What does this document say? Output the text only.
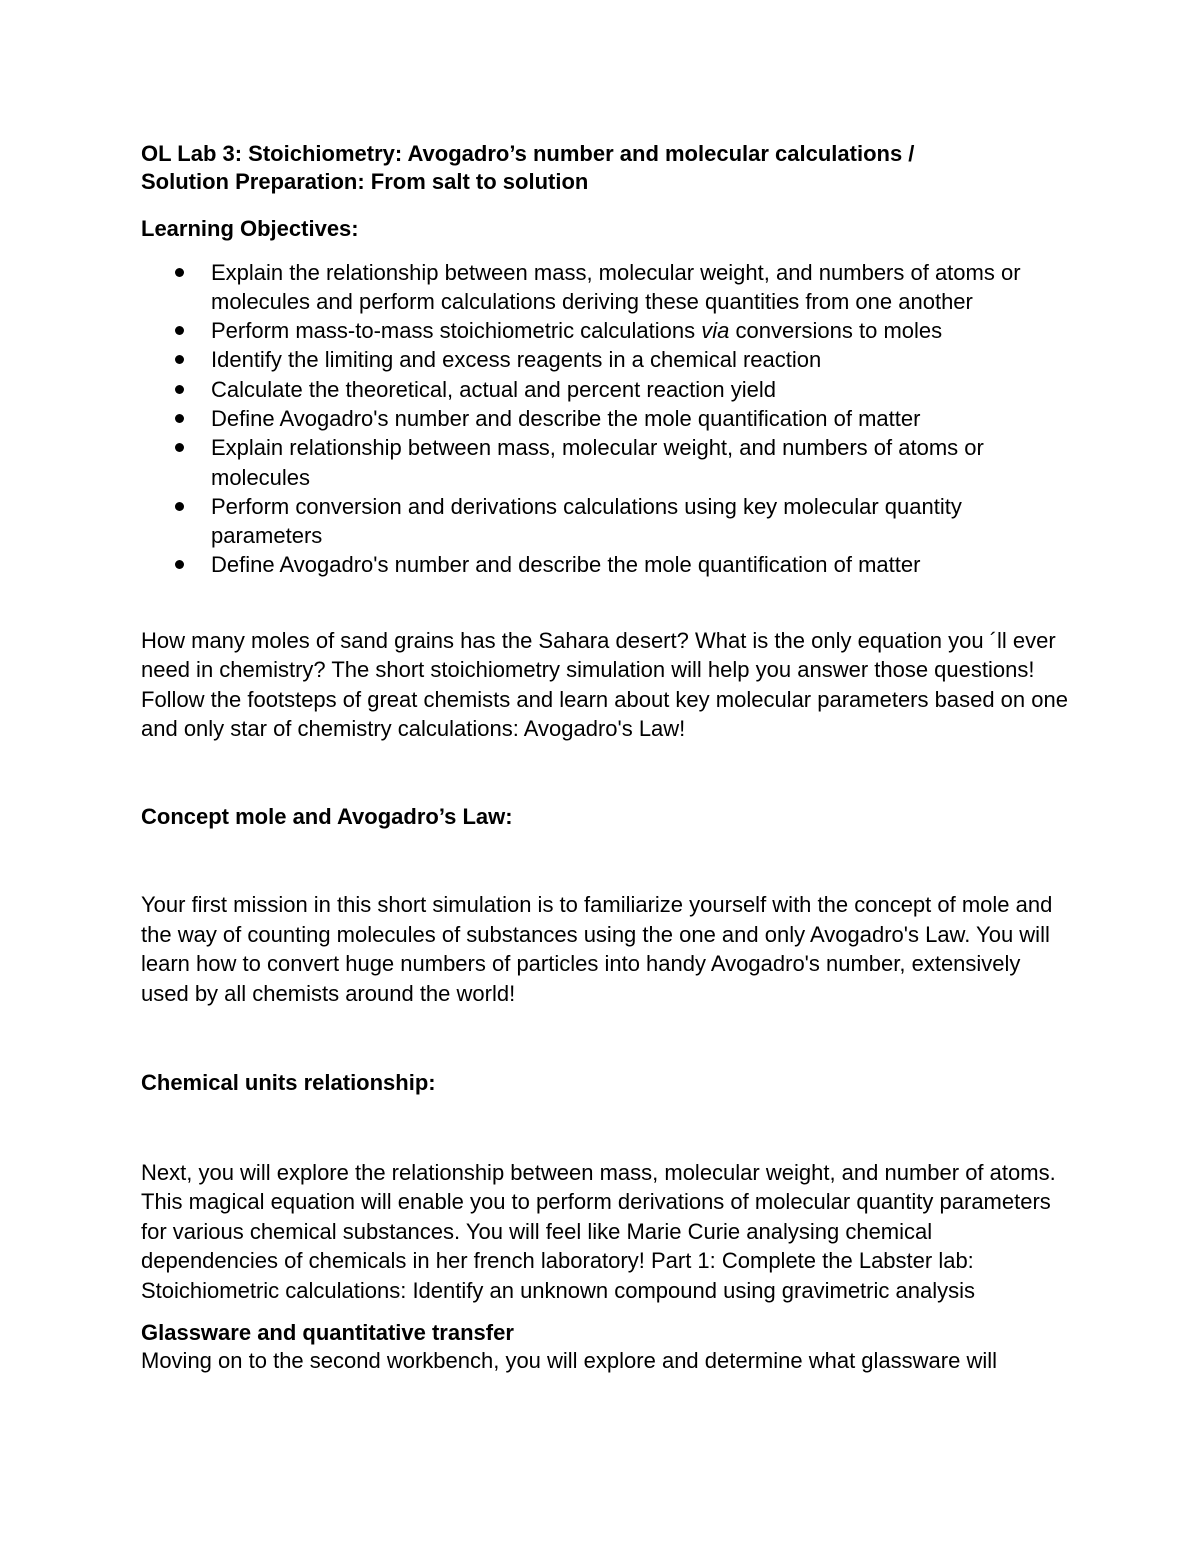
OL Lab 3: Stoichiometry: Avogadro’s number and molecular calculations /
Solution Preparation: From salt to solution
Learning Objectives:
Explain the relationship between mass, molecular weight, and numbers of atoms or molecules and perform calculations deriving these quantities from one another
Perform mass-to-mass stoichiometric calculations via conversions to moles
Identify the limiting and excess reagents in a chemical reaction
Calculate the theoretical, actual and percent reaction yield
Define Avogadro's number and describe the mole quantification of matter
Explain relationship between mass, molecular weight, and numbers of atoms or molecules
Perform conversion and derivations calculations using key molecular quantity parameters
Define Avogadro's number and describe the mole quantification of matter

How many moles of sand grains has the Sahara desert? What is the only equation you ´ll ever need in chemistry? The short stoichiometry simulation will help you answer those questions! Follow the footsteps of great chemists and learn about key molecular parameters based on one and only star of chemistry calculations: Avogadro's Law!

Concept mole and Avogadro’s Law:

Your first mission in this short simulation is to familiarize yourself with the concept of mole and the way of counting molecules of substances using the one and only Avogadro's Law. You will learn how to convert huge numbers of particles into handy Avogadro's number, extensively used by all chemists around the world!

Chemical units relationship:

Next, you will explore the relationship between mass, molecular weight, and number of atoms. This magical equation will enable you to perform derivations of molecular quantity parameters for various chemical substances. You will feel like Marie Curie analysing chemical dependencies of chemicals in her french laboratory! Part 1: Complete the Labster lab: Stoichiometric calculations: Identify an unknown compound using gravimetric analysis

Glassware and quantitative transfer

Moving on to the second workbench, you will explore and determine what glassware will
